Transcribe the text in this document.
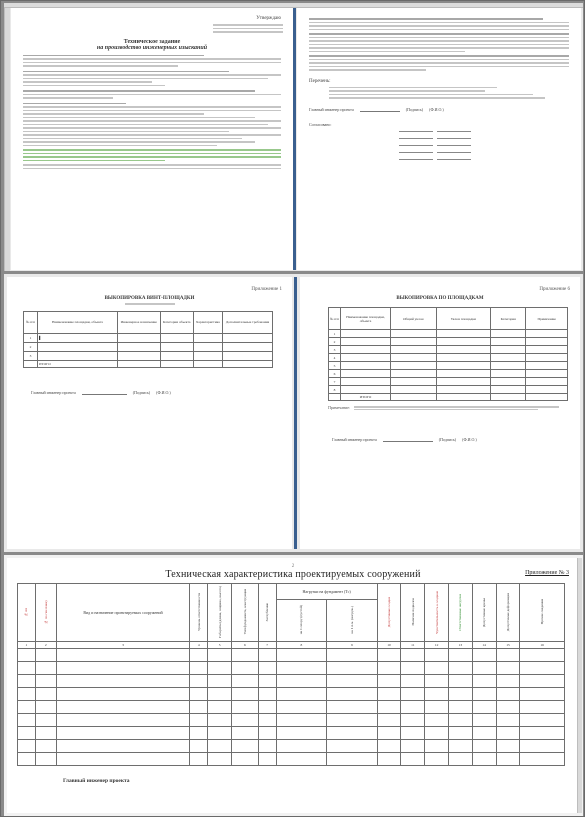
Утверждаю
Техническое задание
на производство инженерных изысканий
Перечень:
Главный инженер проекта	(Подпись) (Ф.И.О.)
Согласовано:
Приложение 1
ВЫКОПИРОВКА ВИНТ-ПЛОЩАДКИ
№ п/п	Наименование площадки, объекта	Инженерное назначение	Категория объекта	Характеристика	Дополнительные требования
1	▌				
2					
3					
	ИТОГО				
Главный инженер проекта	(Подпись) (Ф.И.О.)
Приложение 6
ВЫКОПИРОВКА ПО ПЛОЩАДКАМ
№ п/п	Наименование площадки, объекта	Общий уклон	Уклон площадки	Категория	Примечание
1					
2					
3					
4					
5					
6					
7					
8					
	ИТОГО				
Примечание:
Главный инженер проекта	(Подпись) (Ф.И.О.)
2
Техническая характеристика проектируемых сооружений	Приложение № 3
№ пп	№ по ген плану	Вид и назначение проектируемых сооружений	Уровень ответственности	Габариты (длина, ширина, высота)	Тип фундамента, конструкция	Заглубление	Нагрузки на фундамент (Тс)		Допустимые осадки	Наличие подвалов	Чувствительность к осадкам	Ответственные нагрузки	Допустимые крены	Допустимые деформации	Прочие сведения
							на 1 опору (пустой)	на 1 п.м. (нагруж.)							
1	2	3	4	5	6	7	8	9	10	11	12	13	14	15	16

Главный инженер проекта
